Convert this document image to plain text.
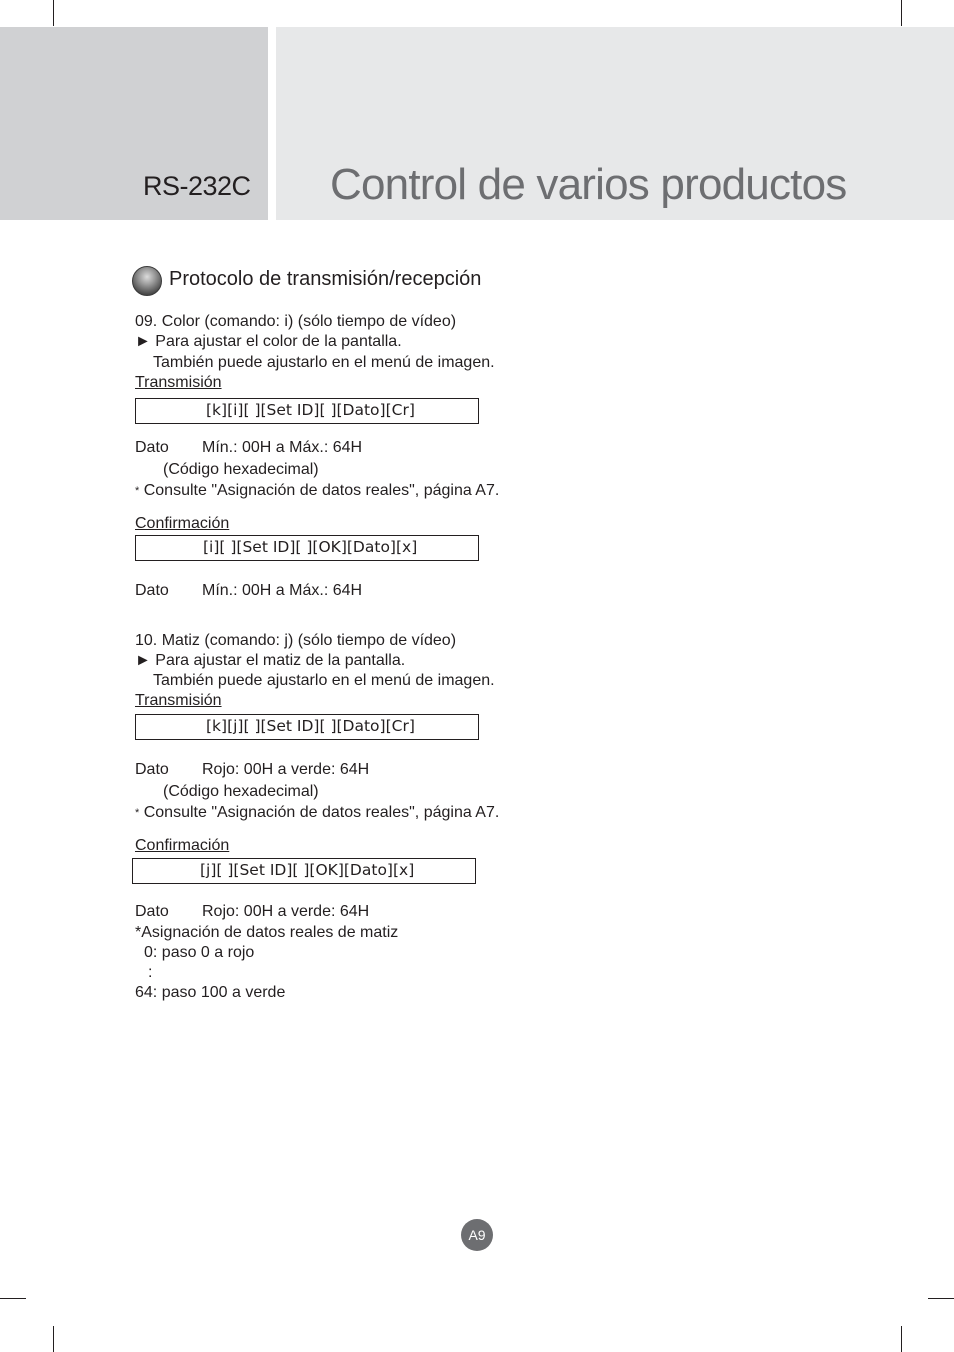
RS-232C Control de varios productos
Protocolo de transmisión/recepción
09. Color (comando: i) (sólo tiempo de vídeo)
► Para ajustar el color de la pantalla.
También puede ajustarlo en el menú de imagen.
Transmisión

[k][i][ ][Set ID][ ][Dato][Cr]

Dato Mín.: 00H a Máx.: 64H
(Código hexadecimal)
* Consulte "Asignación de datos reales", página A7.
Confirmación

[i][ ][Set ID][ ][OK][Dato][x]

Dato Mín.: 00H a Máx.: 64H
10. Matiz (comando: j) (sólo tiempo de vídeo)
► Para ajustar el matiz de la pantalla.
También puede ajustarlo en el menú de imagen.
Transmisión

[k][j][ ][Set ID][ ][Dato][Cr]

Dato Rojo: 00H a verde: 64H
(Código hexadecimal)
* Consulte "Asignación de datos reales", página A7.
Confirmación

[j][ ][Set ID][ ][OK][Dato][x]

Dato Rojo: 00H a verde: 64H
*Asignación de datos reales de matiz
0: paso 0 a rojo
:
64: paso 100 a verde
A9
